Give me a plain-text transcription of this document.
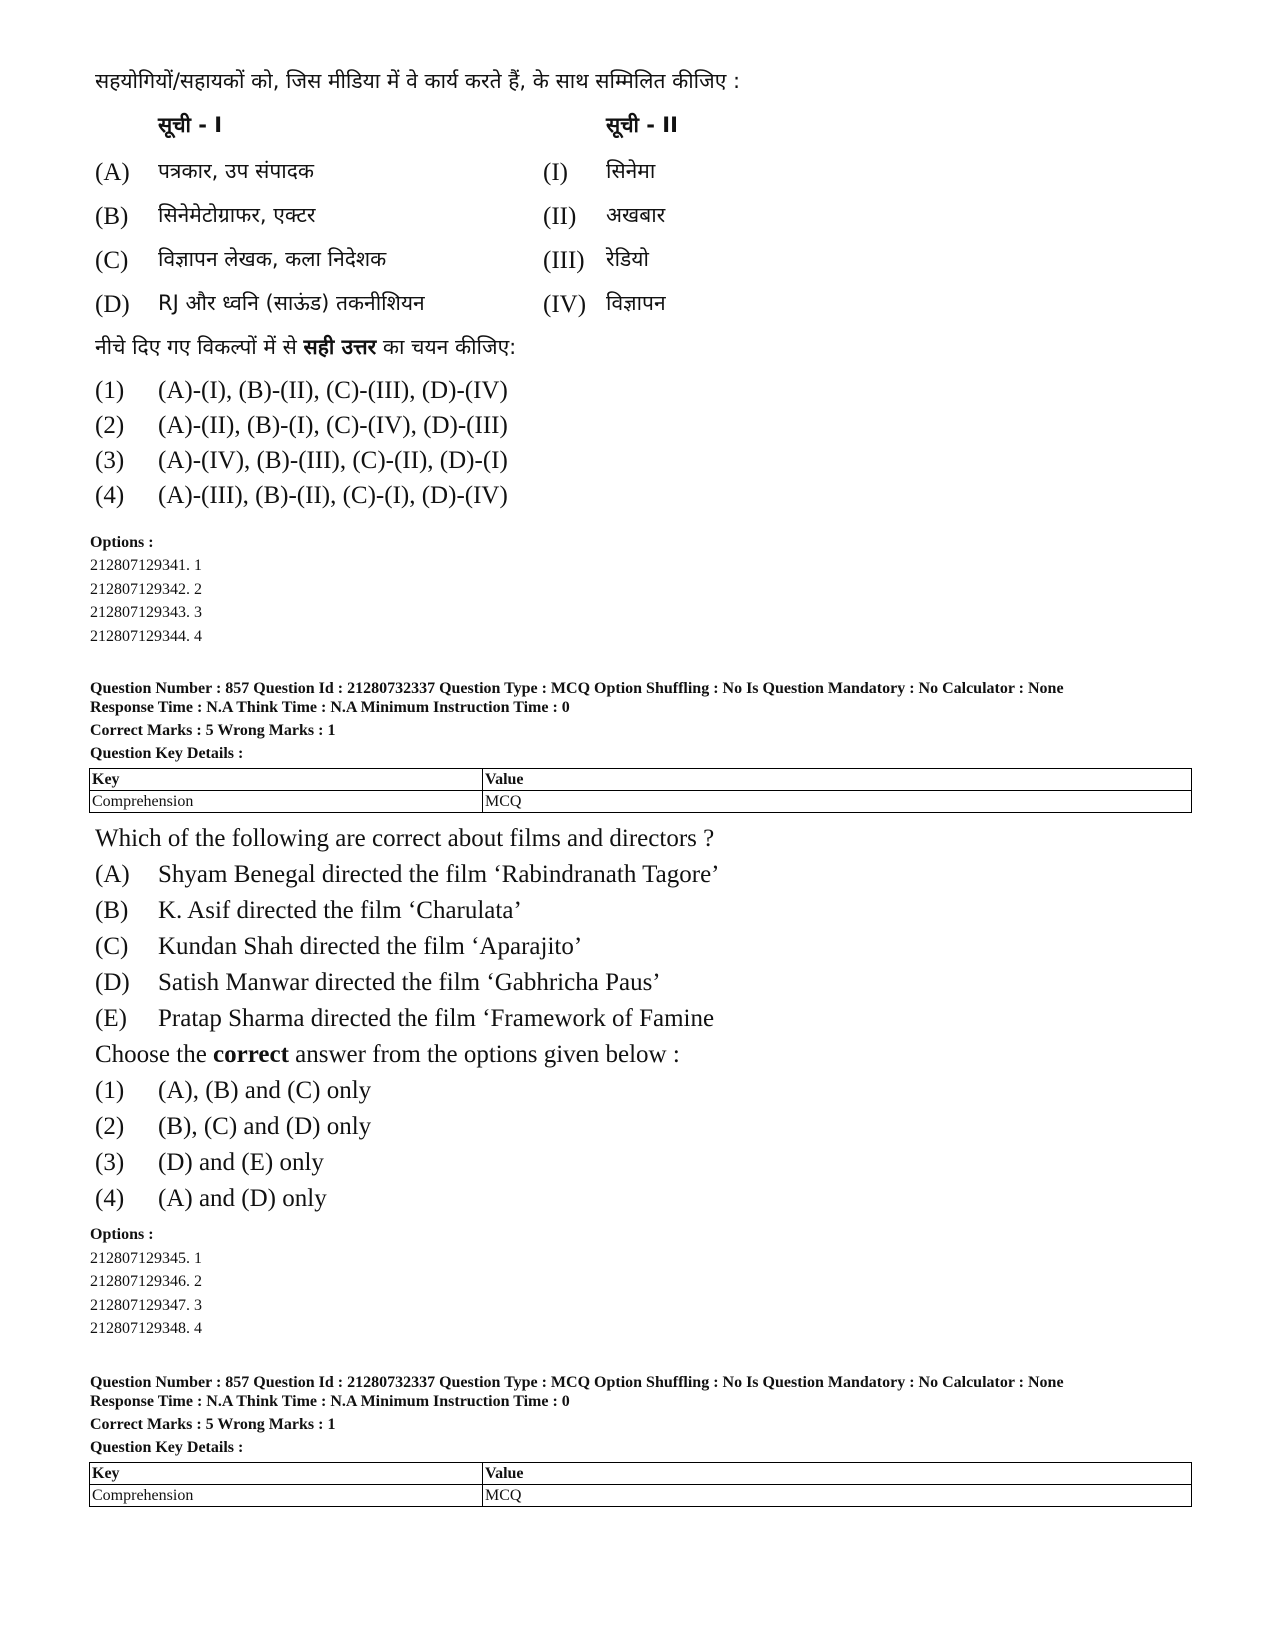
सहयोगियों/सहायकों को, जिस मीडिया में वे कार्य करते हैं, के साथ सम्मिलित कीजिए :
सूची - I	सूची - II
(A) पत्रकार, उप संपादक	(I) सिनेमा
(B) सिनेमेटोग्राफर, एक्टर	(II) अखबार
(C) विज्ञापन लेखक, कला निदेशक	(III) रेडियो
(D) RJ और ध्वनि (साऊंड) तकनीशियन	(IV) विज्ञापन
नीचे दिए गए विकल्पों में से सही उत्तर का चयन कीजिए:
(1) (A)-(I), (B)-(II), (C)-(III), (D)-(IV)
(2) (A)-(II), (B)-(I), (C)-(IV), (D)-(III)
(3) (A)-(IV), (B)-(III), (C)-(II), (D)-(I)
(4) (A)-(III), (B)-(II), (C)-(I), (D)-(IV)
Options :
212807129341. 1
212807129342. 2
212807129343. 3
212807129344. 4
Question Number : 857 Question Id : 21280732337 Question Type : MCQ Option Shuffling : No Is Question Mandatory : No Calculator : None
Response Time : N.A Think Time : N.A Minimum Instruction Time : 0
Correct Marks : 5 Wrong Marks : 1
Question Key Details :
Key	Value
Comprehension	MCQ
Which of the following are correct about films and directors ?
(A) Shyam Benegal directed the film ‘Rabindranath Tagore’
(B) K. Asif directed the film ‘Charulata’
(C) Kundan Shah directed the film ‘Aparajito’
(D) Satish Manwar directed the film ‘Gabhricha Paus’
(E) Pratap Sharma directed the film ‘Framework of Famine
Choose the correct answer from the options given below :
(1) (A), (B) and (C) only
(2) (B), (C) and (D) only
(3) (D) and (E) only
(4) (A) and (D) only
Options :
212807129345. 1
212807129346. 2
212807129347. 3
212807129348. 4
Question Number : 857 Question Id : 21280732337 Question Type : MCQ Option Shuffling : No Is Question Mandatory : No Calculator : None
Response Time : N.A Think Time : N.A Minimum Instruction Time : 0
Correct Marks : 5 Wrong Marks : 1
Question Key Details :
Key	Value
Comprehension	MCQ
